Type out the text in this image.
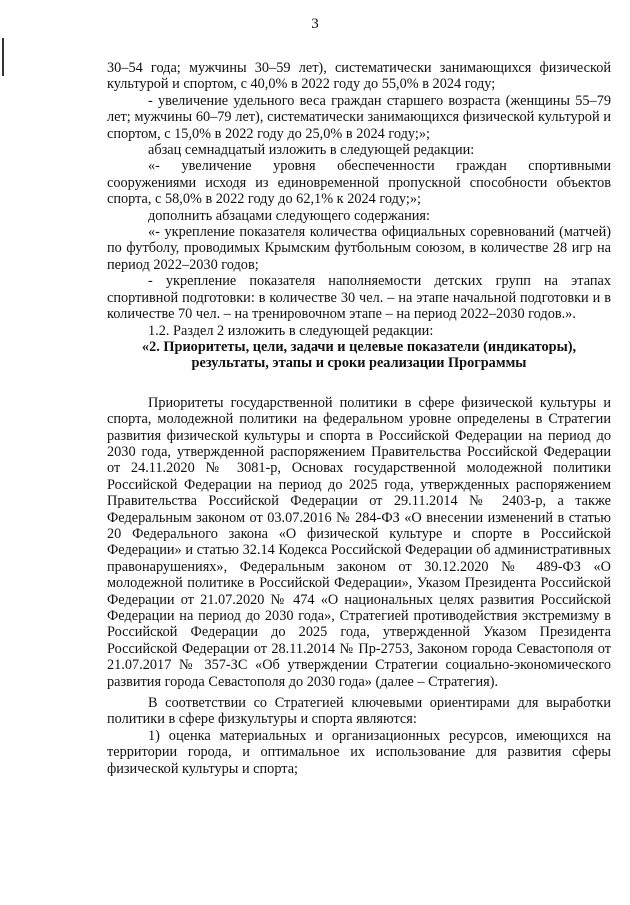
3

30–54 года; мужчины 30–59 лет), систематически занимающихся физической культурой и спортом, с 40,0% в 2022 году до 55,0% в 2024 году;

- увеличение удельного веса граждан старшего возраста (женщины 55–79 лет; мужчины 60–79 лет), систематически занимающихся физической культурой и спортом, с 15,0% в 2022 году до 25,0% в 2024 году;»;

абзац семнадцатый изложить в следующей редакции:

«- увеличение уровня обеспеченности граждан спортивными сооружениями исходя из единовременной пропускной способности объектов спорта, с 58,0% в 2022 году до 62,1% к 2024 году;»;

дополнить абзацами следующего содержания:

«- укрепление показателя количества официальных соревнований (матчей) по футболу, проводимых Крымским футбольным союзом, в количестве 28 игр на период 2022–2030 годов;

- укрепление показателя наполняемости детских групп на этапах спортивной подготовки: в количестве 30 чел. – на этапе начальной подготовки и в количестве 70 чел. – на тренировочном этапе – на период 2022–2030 годов.».

1.2. Раздел 2 изложить в следующей редакции:

«2. Приоритеты, цели, задачи и целевые показатели (индикаторы),

результаты, этапы и сроки реализации Программы

Приоритеты государственной политики в сфере физической культуры и спорта, молодежной политики на федеральном уровне определены в Стратегии развития физической культуры и спорта в Российской Федерации на период до 2030 года, утвержденной распоряжением Правительства Российской Федерации от 24.11.2020 № 3081-р, Основах государственной молодежной политики Российской Федерации на период до 2025 года, утвержденных распоряжением Правительства Российской Федерации от 29.11.2014 № 2403-р, а также Федеральным законом от 03.07.2016 № 284-ФЗ «О внесении изменений в статью 20 Федерального закона «О физической культуре и спорте в Российской Федерации» и статью 32.14 Кодекса Российской Федерации об административных правонарушениях», Федеральным законом от 30.12.2020 № 489-ФЗ «О молодежной политике в Российской Федерации», Указом Президента Российской Федерации от 21.07.2020 № 474 «О национальных целях развития Российской Федерации на период до 2030 года», Стратегией противодействия экстремизму в Российской Федерации до 2025 года, утвержденной Указом Президента Российской Федерации от 28.11.2014 № Пр-2753, Законом города Севастополя от 21.07.2017 № 357-ЗС «Об утверждении Стратегии социально-экономического развития города Севастополя до 2030 года» (далее – Стратегия).

В соответствии со Стратегией ключевыми ориентирами для выработки политики в сфере физкультуры и спорта являются:

1) оценка материальных и организационных ресурсов, имеющихся на территории города, и оптимальное их использование для развития сферы физической культуры и спорта;
